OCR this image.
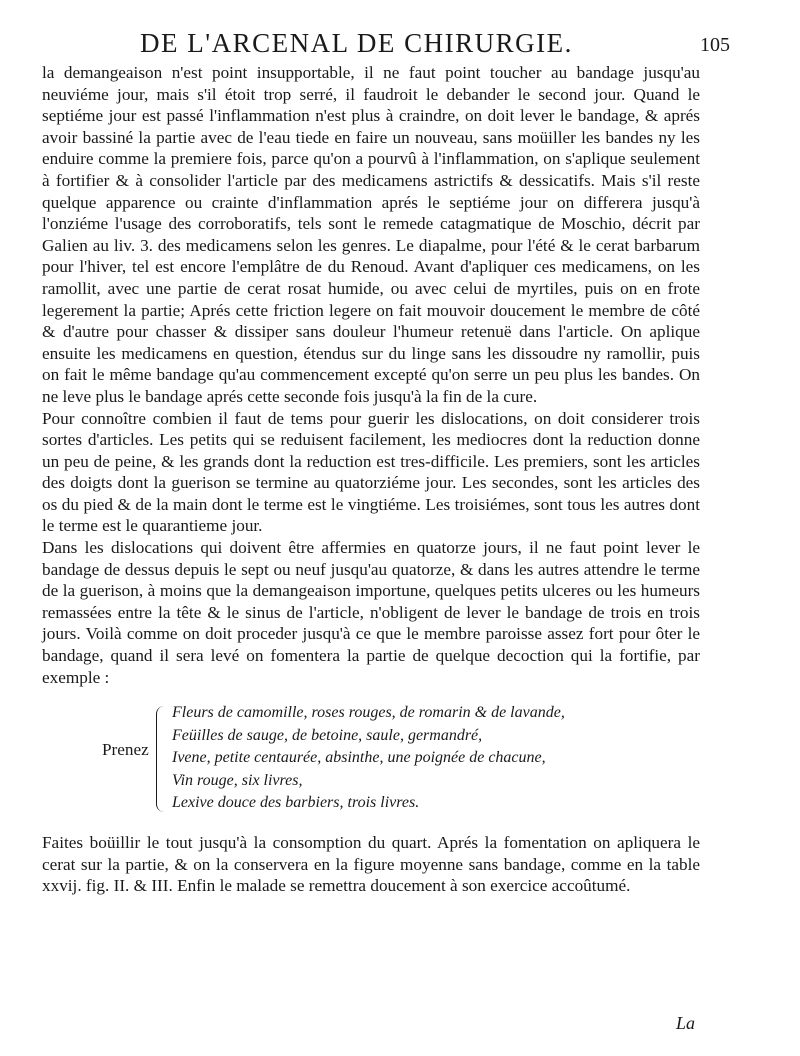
DE L'ARCENAL DE CHIRURGIE.	105

la demangeaison n'est point insupportable, il ne faut point toucher au bandage jusqu'au neuviéme jour, mais s'il étoit trop serré, il faudroit le debander le second jour. Quand le septiéme jour est passé l'inflammation n'est plus à craindre, on doit lever le bandage, & aprés avoir bassiné la partie avec de l'eau tiede en faire un nouveau, sans moüiller les bandes ny les enduire comme la premiere fois, parce qu'on a pourvû à l'inflammation, on s'aplique seulement à fortifier & à consolider l'article par des medicamens astrictifs & dessicatifs. Mais s'il reste quelque apparence ou crainte d'inflammation aprés le septiéme jour on differera jusqu'à l'onziéme l'usage des corroboratifs, tels sont le remede catagmatique de Moschio, décrit par Galien au liv. 3. des medicamens selon les genres. Le diapalme, pour l'été & le cerat barbarum pour l'hiver, tel est encore l'emplâtre de du Renoud. Avant d'apliquer ces medicamens, on les ramollit, avec une partie de cerat rosat humide, ou avec celui de myrtiles, puis on en frote legerement la partie; Aprés cette friction legere on fait mouvoir doucement le membre de côté & d'autre pour chasser & dissiper sans douleur l'humeur retenuë dans l'article. On aplique ensuite les medicamens en question, étendus sur du linge sans les dissoudre ny ramollir, puis on fait le même bandage qu'au commencement excepté qu'on serre un peu plus les bandes. On ne leve plus le bandage aprés cette seconde fois jusqu'à la fin de la cure.

Pour connoître combien il faut de tems pour guerir les dislocations, on doit considerer trois sortes d'articles. Les petits qui se reduisent facilement, les mediocres dont la reduction donne un peu de peine, & les grands dont la reduction est tres-difficile. Les premiers, sont les articles des doigts dont la guerison se termine au quatorziéme jour. Les secondes, sont les articles des os du pied & de la main dont le terme est le vingtiéme. Les troisiémes, sont tous les autres dont le terme est le quarantieme jour.

Dans les dislocations qui doivent être affermies en quatorze jours, il ne faut point lever le bandage de dessus depuis le sept ou neuf jusqu'au quatorze, & dans les autres attendre le terme de la guerison, à moins que la demangeaison importune, quelques petits ulceres ou les humeurs remassées entre la tête & le sinus de l'article, n'obligent de lever le bandage de trois en trois jours. Voilà comme on doit proceder jusqu'à ce que le membre paroisse assez fort pour ôter le bandage, quand il sera levé on fomentera la partie de quelque decoction qui la fortifie, par exemple :

Prenez
Fleurs de camomille, roses rouges, de romarin & de lavande,
Feüilles de sauge, de betoine, saule, germandré,
Ivene, petite centaurée, absinthe, une poignée de chacune,
Vin rouge, six livres,
Lexive douce des barbiers, trois livres.

Faites boüillir le tout jusqu'à la consomption du quart. Aprés la fomentation on apliquera le cerat sur la partie, & on la conservera en la figure moyenne sans bandage, comme en la table xxvij. fig. II. & III. Enfin le malade se remettra doucement à son exercice accoûtumé.

La
